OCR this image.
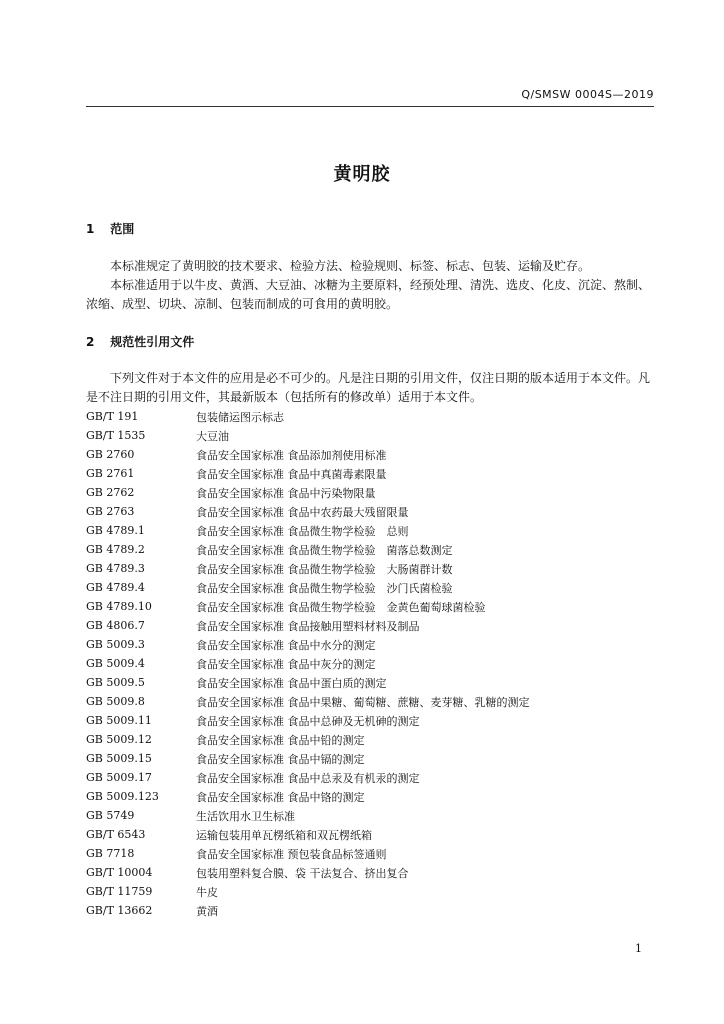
Q/SMSW 0004S—2019
黄明胶
1 范围

本标准规定了黄明胶的技术要求、检验方法、检验规则、标签、标志、包装、运输及贮存。

本标准适用于以牛皮、黄酒、大豆油、冰糖为主要原料，经预处理、清洗、选皮、化皮、沉淀、熬制、浓缩、成型、切块、凉制、包装而制成的可食用的黄明胶。

2 规范性引用文件

下列文件对于本文件的应用是必不可少的。凡是注日期的引用文件，仅注日期的版本适用于本文件。凡是不注日期的引用文件，其最新版本（包括所有的修改单）适用于本文件。

GB/T 191	包装储运图示标志
GB/T 1535	大豆油
GB 2760	食品安全国家标准 食品添加剂使用标准
GB 2761	食品安全国家标准 食品中真菌毒素限量
GB 2762	食品安全国家标准 食品中污染物限量
GB 2763	食品安全国家标准 食品中农药最大残留限量
GB 4789.1	食品安全国家标准 食品微生物学检验　总则
GB 4789.2	食品安全国家标准 食品微生物学检验　菌落总数测定
GB 4789.3	食品安全国家标准 食品微生物学检验　大肠菌群计数
GB 4789.4	食品安全国家标准 食品微生物学检验　沙门氏菌检验
GB 4789.10	食品安全国家标准 食品微生物学检验　金黄色葡萄球菌检验
GB 4806.7	食品安全国家标准 食品接触用塑料材料及制品
GB 5009.3	食品安全国家标准 食品中水分的测定
GB 5009.4	食品安全国家标准 食品中灰分的测定
GB 5009.5	食品安全国家标准 食品中蛋白质的测定
GB 5009.8	食品安全国家标准 食品中果糖、葡萄糖、蔗糖、麦芽糖、乳糖的测定
GB 5009.11	食品安全国家标准 食品中总砷及无机砷的测定
GB 5009.12	食品安全国家标准 食品中铅的测定
GB 5009.15	食品安全国家标准 食品中镉的测定
GB 5009.17	食品安全国家标准 食品中总汞及有机汞的测定
GB 5009.123	食品安全国家标准 食品中铬的测定
GB 5749	生活饮用水卫生标准
GB/T 6543	运输包装用单瓦楞纸箱和双瓦楞纸箱
GB 7718	食品安全国家标准 预包装食品标签通则
GB/T 10004	包装用塑料复合膜、袋 干法复合、挤出复合
GB/T 11759	牛皮
GB/T 13662	黄酒
1
